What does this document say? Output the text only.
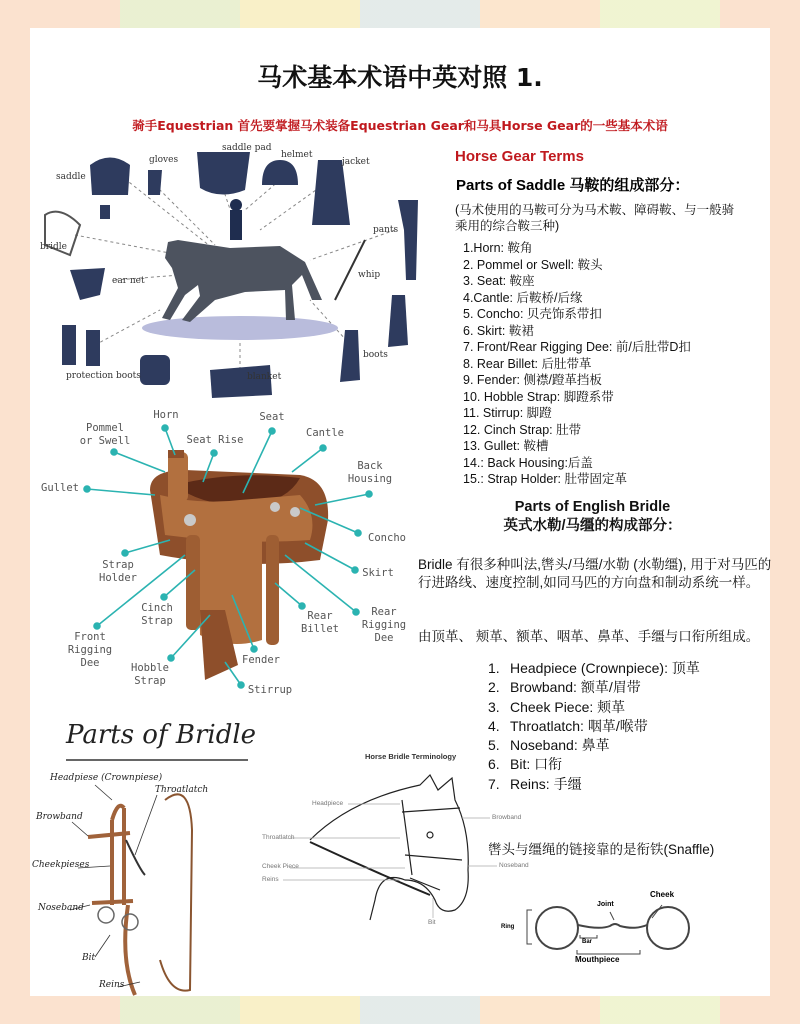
马术基本术语中英对照 1.
骑手Equestrian 首先要掌握马术装备Equestrian Gear和马具Horse Gear的一些基本术语
saddle
gloves
saddle pad
helmet
jacket
bridle
ear net
pants
whip
protection boots	blanket
boots
Horn
Pommel
or Swell	Seat Rise
Seat
Cantle
Back
Housing
Gullet
Concho
Skirt
Strap
Holder
Cinch
Strap
Front
Rigging
Dee	Hobble
Strap
Fender
Stirrup
Rear
Billet
Rear
Rigging
Dee
Parts of Bridle
Headpiese (Crownpiese)
Throatlatch
Browband
Cheekpieses
Noseband
Bit
Reins
Horse Bridle Terminology
Headpiece
Throatlatch
Cheek Piece
Reins
Bit
Browband
Noseband
Cheek
Joint
Ring
Bar
Mouthpiece
Horse Gear Terms
Parts of Saddle 马鞍的组成部分：
(马术使用的马鞍可分为马术鞍、障碍鞍、与一般骑乘用的综合鞍三种)
1.Horn: 鞍角
2. Pommel or Swell: 鞍头
3. Seat: 鞍座
4.Cantle: 后鞍桥/后缘
5. Concho: 贝壳饰系带扣
6. Skirt: 鞍裙
7. Front/Rear Rigging Dee: 前/后肚带D扣
8. Rear Billet: 后肚带革
9. Fender: 侧襟/蹬革挡板
10. Hobble Strap: 脚蹬系带
11. Stirrup: 脚蹬
12. Cinch Strap: 肚带
13. Gullet: 鞍槽
14.: Back Housing:后盖
15.: Strap Holder: 肚带固定革
Parts of English Bridle
英式水勒/马缰的构成部分：
Bridle 有很多种叫法,辔头/马缰/水勒 (水勒缰), 用于对马匹的行进路线、速度控制,如同马匹的方向盘和制动系统一样。
由顶革、 颊革、额革、咽革、鼻革、手缰与口衔所组成。
1. Headpiece (Crownpiece): 顶革
2. Browband: 额革/眉带
3. Cheek Piece: 颊革
4. Throatlatch: 咽革/喉带
5. Noseband: 鼻革
6. Bit: 口衔
7. Reins: 手缰
辔头与缰绳的链接靠的是衔铁(Snaffle)
